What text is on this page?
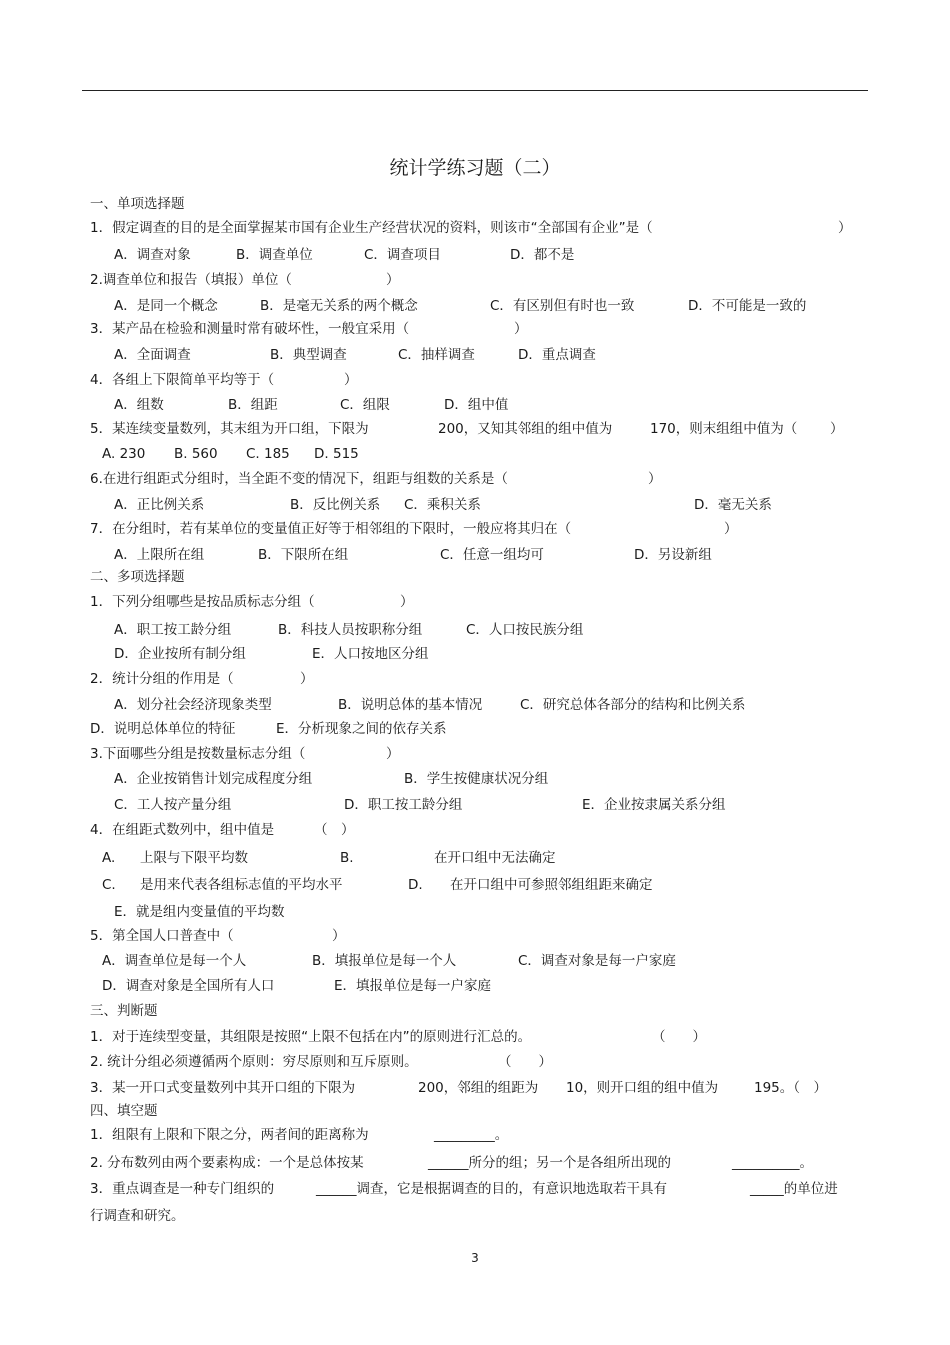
统计学练习题（二）
一、单项选择题
1．假定调查的目的是全面掌握某市国有企业生产经营状况的资料，则该市“全部国有企业”是（	）
A．调查对象	B．调查单位	C．调查项目	D．都不是
2.调查单位和报告（填报）单位（	）
A．是同一个概念	B．是毫无关系的两个概念	C．有区别但有时也一致	D．不可能是一致的
3．某产品在检验和测量时常有破坏性，一般宜采用（	）
A．全面调查	B．典型调查	C．抽样调查	D．重点调查
4．各组上下限简单平均等于（	）
A．组数	B．组距	C．组限	D．组中值
5．某连续变量数列，其末组为开口组，下限为	200，又知其邻组的组中值为	170，则末组组中值为（ ）
A. 230 B. 560 C. 185 D. 515
6.在进行组距式分组时，当全距不变的情况下，组距与组数的关系是（	）
A．正比例关系	B．反比例关系 C．乘积关系	D．毫无关系
7．在分组时，若有某单位的变量值正好等于相邻组的下限时，一般应将其归在（	）
A．上限所在组	B．下限所在组	C．任意一组均可	D．另设新组
二、多项选择题
1．下列分组哪些是按品质标志分组（	）
A．职工按工龄分组	B．科技人员按职称分组	C．人口按民族分组
D．企业按所有制分组	E．人口按地区分组
2．统计分组的作用是（	）
A．划分社会经济现象类型	B．说明总体的基本情况	C．研究总体各部分的结构和比例关系
D．说明总体单位的特征	E．分析现象之间的依存关系
3.下面哪些分组是按数量标志分组（	）
A．企业按销售计划完成程度分组	B．学生按健康状况分组
C．工人按产量分组	D．职工按工龄分组	E．企业按隶属关系分组
4．在组距式数列中，组中值是	（　）
A. 上限与下限平均数	B.	在开口组中无法确定
C. 是用来代表各组标志值的平均水平	D. 在开口组中可参照邻组组距来确定
E．就是组内变量值的平均数
5．第全国人口普查中（	）
A．调查单位是每一个人	B．填报单位是每一个人	C．调查对象是每一户家庭
D．调查对象是全国所有人口	E．填报单位是每一户家庭
三、判断题
1．对于连续型变量，其组限是按照“上限不包括在内”的原则进行汇总的。	（　　）
2. 统计分组必须遵循两个原则：穷尽原则和互斥原则。	（　　）
3．某一开口式变量数列中其开口组的下限为	200，邻组的组距为 10，则开口组的组中值为	195。（　）
四、填空题
1．组限有上限和下限之分，两者间的距离称为	_________。
2. 分布数列由两个要素构成：一个是总体按某	______所分的组；另一个是各组所出现的	__________。
3．重点调查是一种专门组织的	______调查，它是根据调查的目的，有意识地选取若干具有	_____的单位进
行调查和研究。
3
